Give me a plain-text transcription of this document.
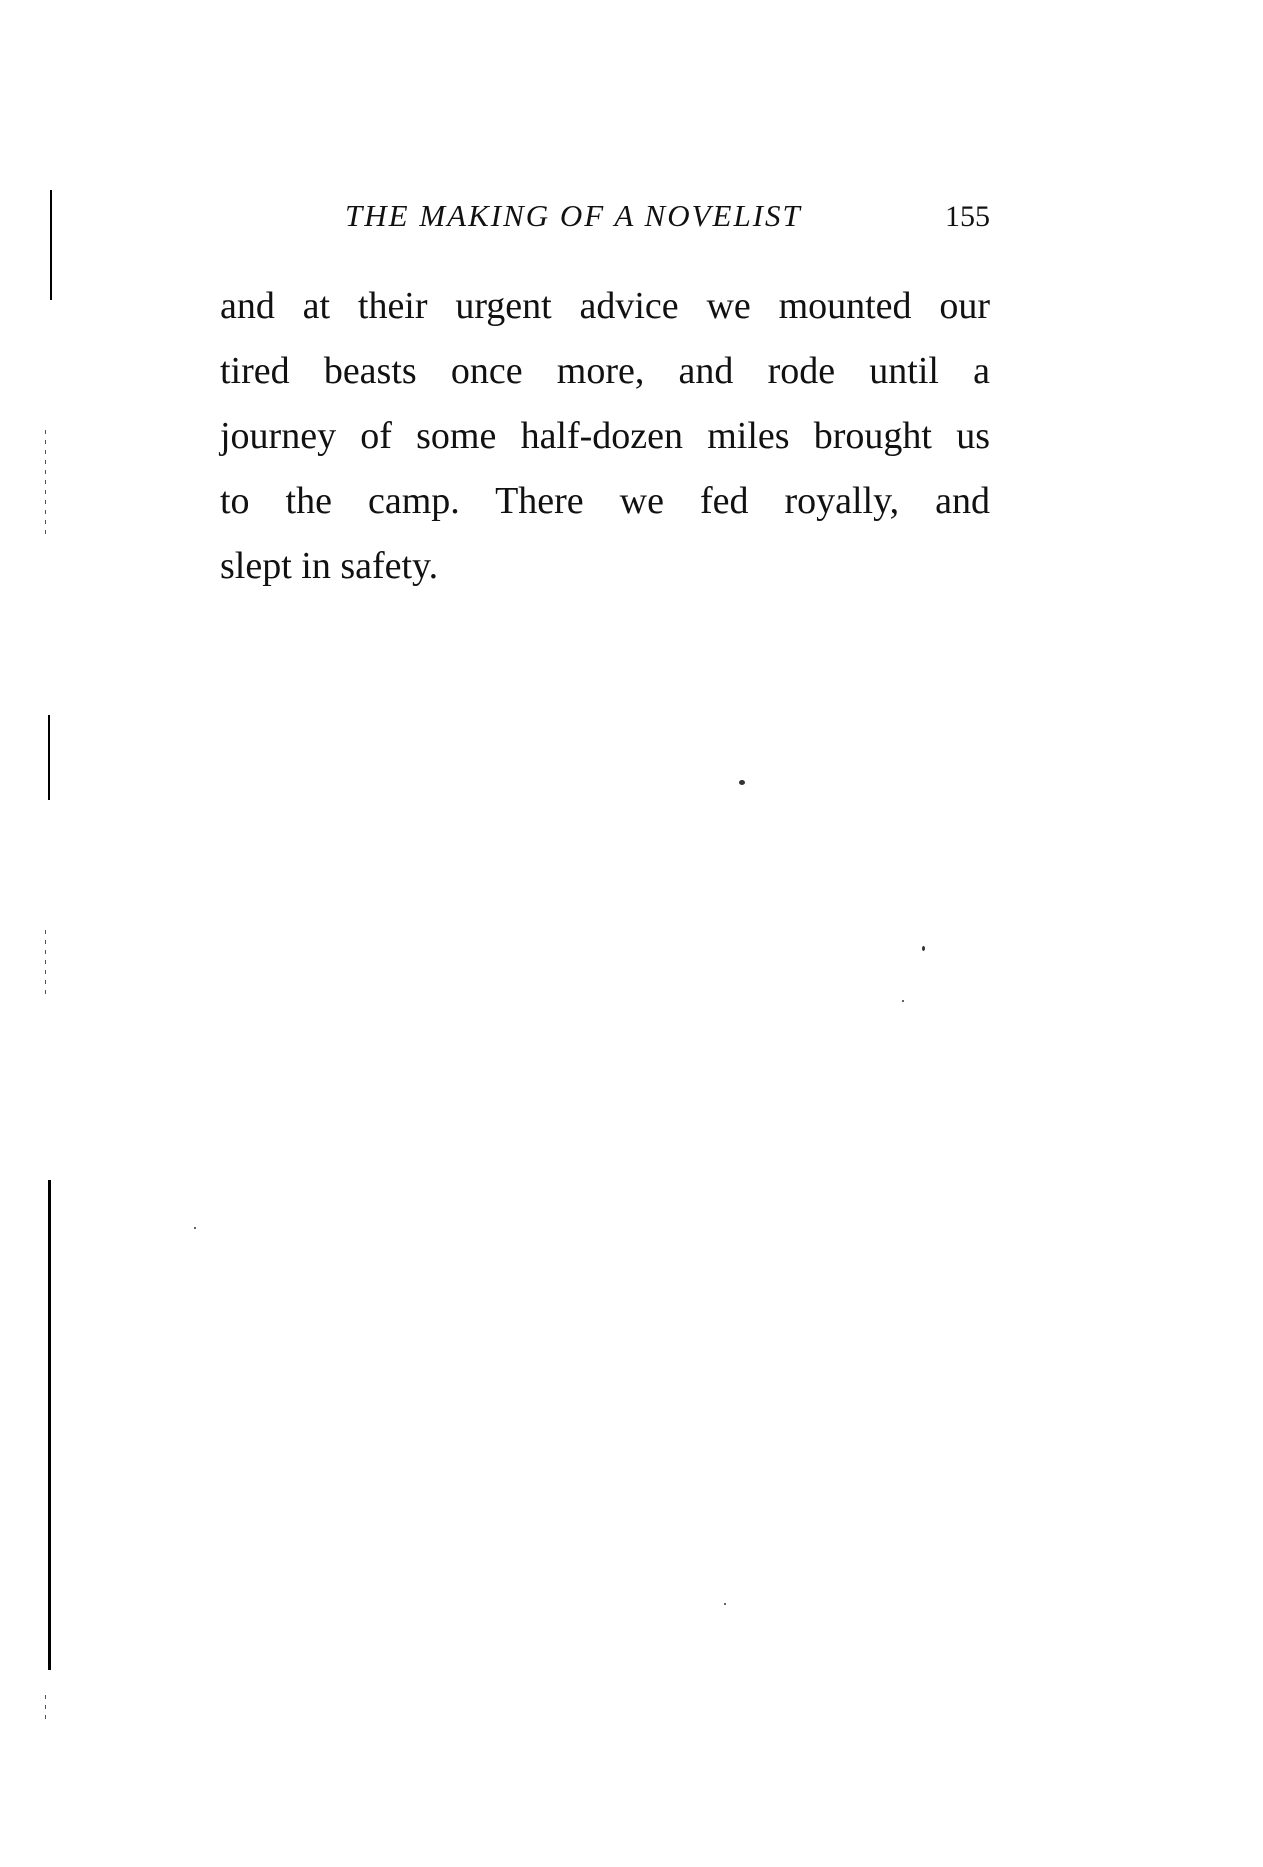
THE MAKING OF A NOVELIST	155
and at their urgent advice we mounted our
tired beasts once more, and rode until a
journey of some half-dozen miles brought us
to the camp. There we fed royally, and
slept in safety.
